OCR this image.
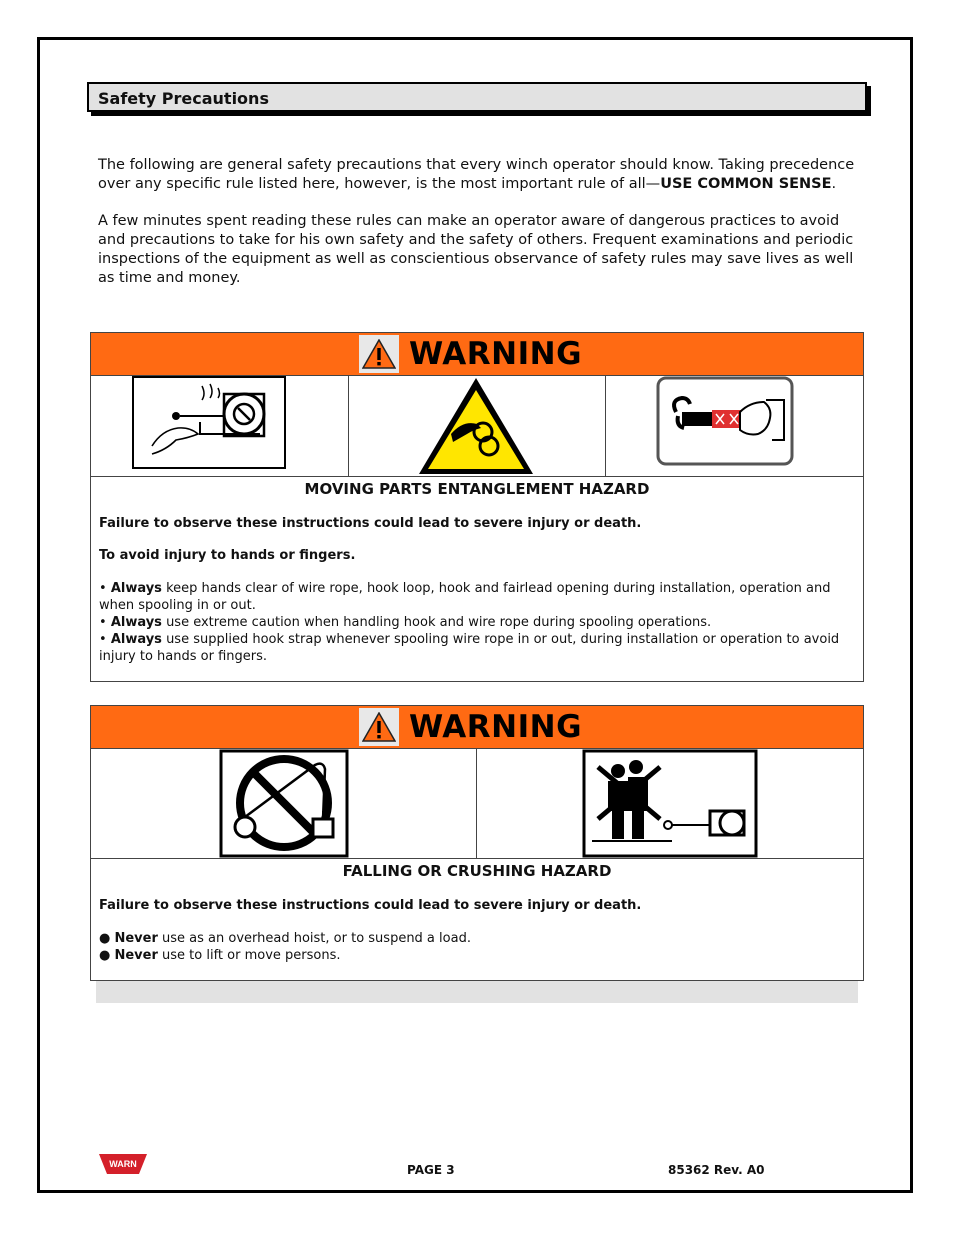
Safety Precautions

The following are general safety precautions that every winch operator should know. Taking precedence over any specific rule listed here, however, is the most important rule of all—USE COMMON SENSE.

A few minutes spent reading these rules can make an operator aware of dangerous practices to avoid and precautions to take for his own safety and the safety of others. Frequent examinations and periodic inspections of the equipment as well as conscientious observance of safety rules may save lives as well as time and money.

WARNING
©1998 HCS, LLC 800-748-0241 No. 10158-0350
MOVING PARTS ENTANGLEMENT HAZARD

Failure to observe these instructions could lead to severe injury or death.

To avoid injury to hands or fingers.

• Always keep hands clear of wire rope, hook loop, hook and fairlead opening during installation, operation and when spooling in or out.
• Always use extreme caution when handling hook and wire rope during spooling operations.
• Always use supplied hook strap whenever spooling wire rope in or out, during installation or operation to avoid injury to hands or fingers.
WARNING
FALLING OR CRUSHING HAZARD

Failure to observe these instructions could lead to severe injury or death.

● Never use as an overhead hoist, or to suspend a load.
● Never use to lift or move persons.
WARN	PAGE 3	85362 Rev. A0
